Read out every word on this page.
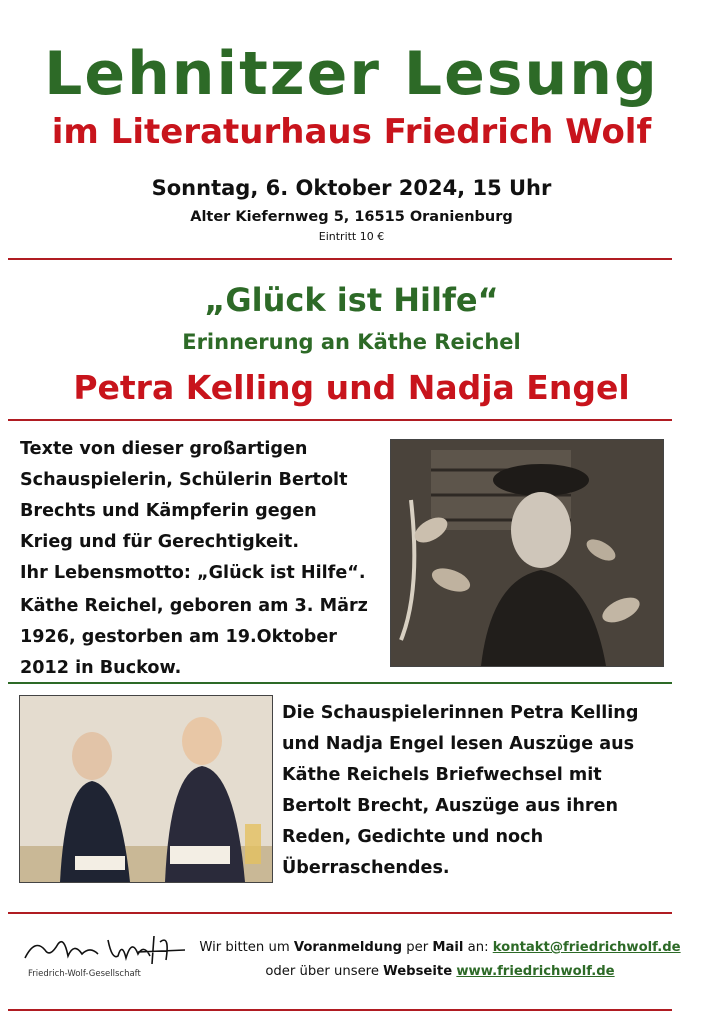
Lehnitzer Lesung
im Literaturhaus Friedrich Wolf
Sonntag, 6. Oktober 2024, 15 Uhr
Alter Kiefernweg 5, 16515 Oranienburg
Eintritt 10 €
„Glück ist Hilfe“
Erinnerung an Käthe Reichel
Petra Kelling und Nadja Engel
Texte von dieser großartigen
Schauspielerin, Schülerin Bertolt
Brechts und Kämpferin gegen
Krieg und für Gerechtigkeit.
Ihr Lebensmotto: „Glück ist Hilfe“.
Käthe Reichel, geboren am 3. März
1926, gestorben am 19.Oktober
2012 in Buckow.
Die Schauspielerinnen Petra Kelling
und Nadja Engel lesen Auszüge aus
Käthe Reichels Briefwechsel mit
Bertolt Brecht, Auszüge aus ihren
Reden, Gedichte und noch
Überraschendes.
Friedrich-Wolf-Gesellschaft
Wir bitten um Voranmeldung per Mail an: kontakt@friedrichwolf.de
oder über unsere Webseite www.friedrichwolf.de
